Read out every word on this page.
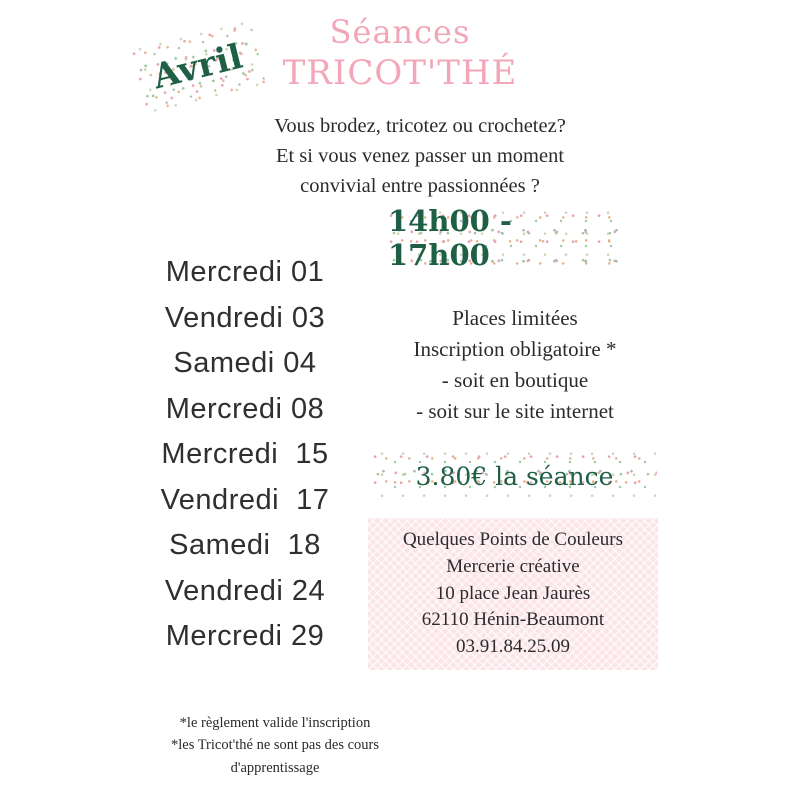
Avril
Séances
TRICOT'THÉ
Vous brodez, tricotez ou crochetez?
Et si vous venez passer un moment
convivial entre passionnées ?
14h00 - 17h00
Mercredi 01
Vendredi 03
Samedi 04
Mercredi 08
Mercredi  15
Vendredi  17
Samedi  18
Vendredi 24
Mercredi 29
Places limitées
Inscription obligatoire *
- soit en boutique
- soit sur le site internet
3.80€ la séance
Quelques Points de Couleurs
Mercerie créative
10 place Jean Jaurès
62110 Hénin-Beaumont
03.91.84.25.09
*le règlement valide l'inscription
*les Tricot'thé ne sont pas des cours
d'apprentissage
